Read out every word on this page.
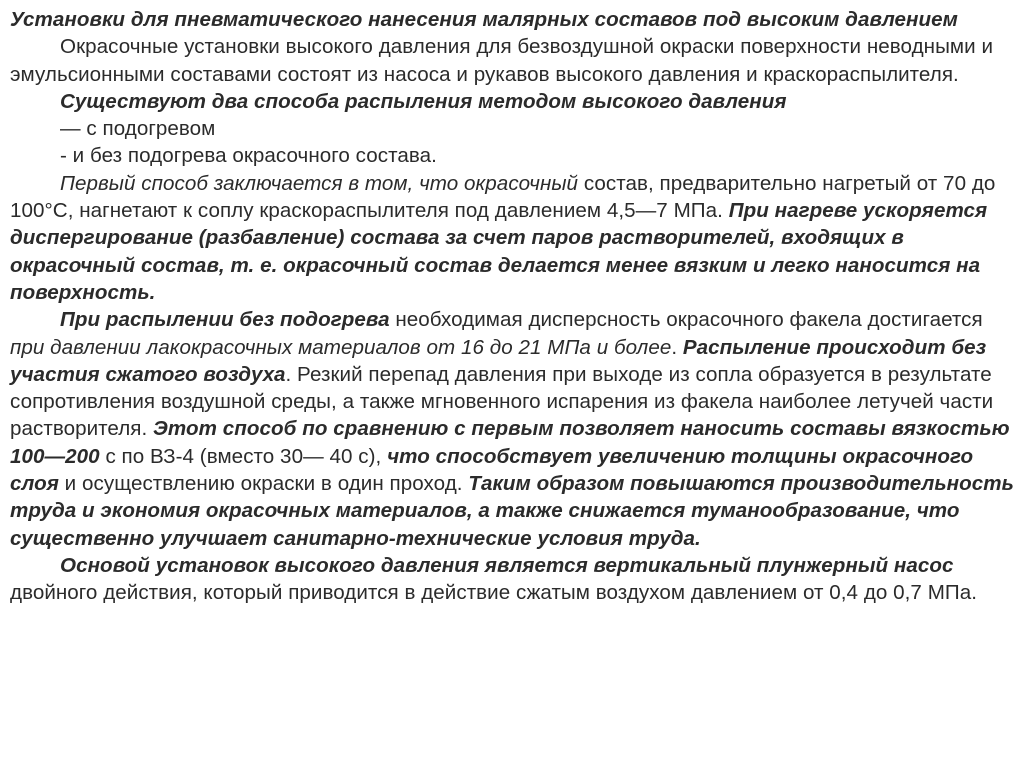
Установки для пневматического нанесения малярных составов под высоким давлением

Окрасочные установки высокого давления для безвоздушной окраски поверхности неводными и эмульсионными составами состоят из насоса и рукавов высокого давления и краскораспылителя.

Существуют два способа распыления методом высокого давления

— с подогревом

- и без подогрева окрасочного состава.

Первый способ заключается в том, что окрасочный состав, предварительно нагретый от 70 до 100°С, нагнетают к соплу краскораспылителя под давлением 4,5—7 МПа. При нагреве ускоряется диспергирование (разбавление) состава за счет паров растворителей, входящих в окрасочный состав, т. е. окрасочный состав делается менее вязким и легко наносится на поверхность.

При распылении без подогрева необходимая дисперсность окрасочного факела достигается при давлении лакокрасочных материалов от 16 до 21 МПа и более. Распыление происходит без участия сжатого воздуха. Резкий перепад давления при выходе из сопла образуется в результате сопротивления воздушной среды, а также мгновенного испарения из факела наиболее летучей части растворителя. Этот способ по сравнению с первым позволяет наносить составы вязкостью 100—200 с по ВЗ-4 (вместо 30— 40 с), что способствует увеличению толщины окрасочного слоя и осуществлению окраски в один проход. Таким образом повышаются производительность труда и экономия окрасочных материалов, а также снижается туманообразование, что существенно улучшает санитарно-технические условия труда.

Основой установок высокого давления является вертикальный плунжерный насос двойного действия, который приводится в действие сжатым воздухом давлением от 0,4 до 0,7 МПа.
